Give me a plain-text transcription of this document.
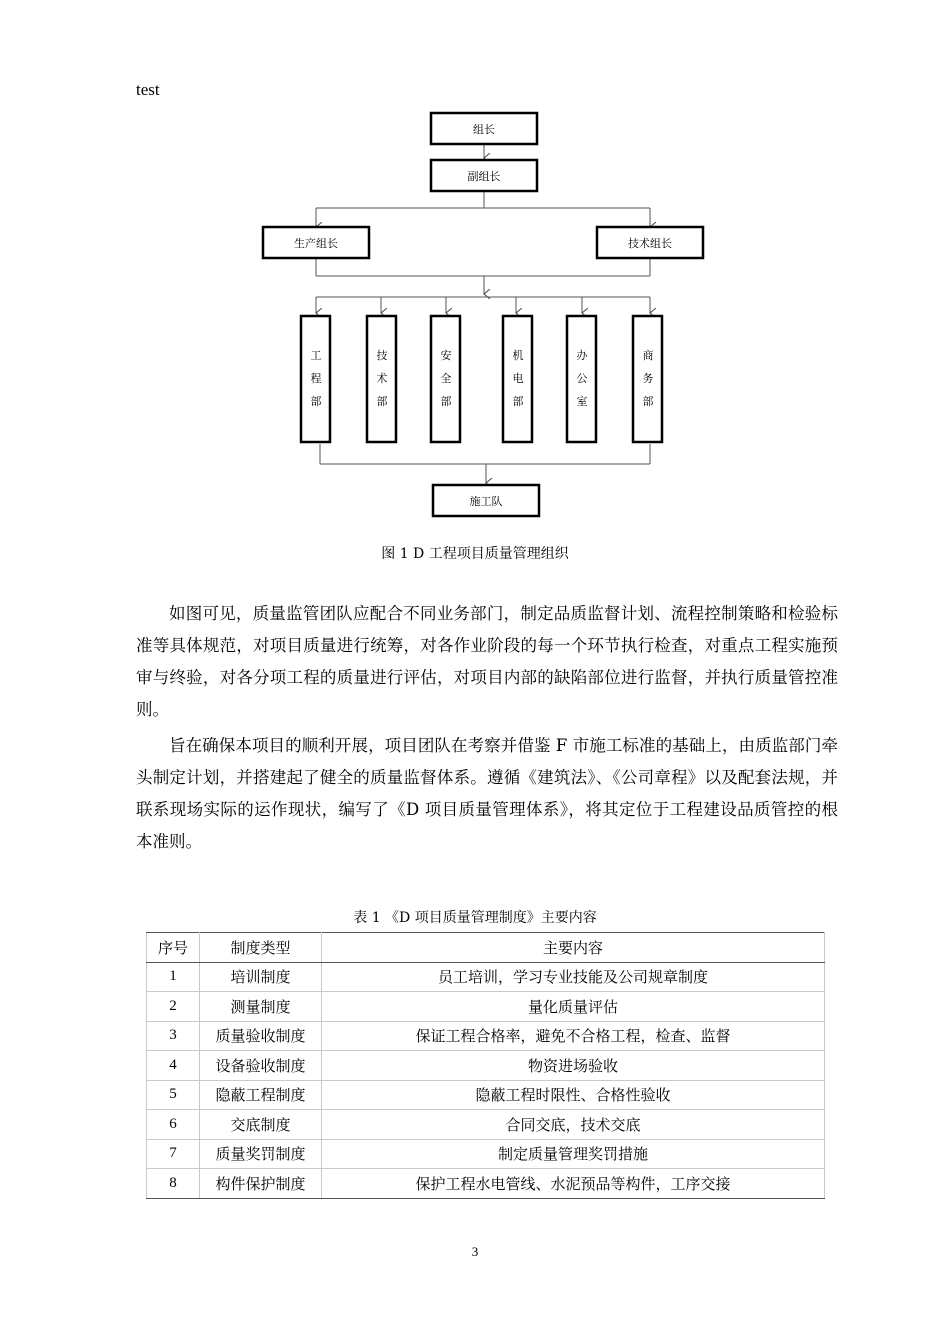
test
组长
副组长
生产组长	技术组长
工
程
部
技
术
部
安
全
部
机
电
部
办
公
室
商
务
部
施工队
图 1 D 工程项目质量管理组织

如图可见，质量监管团队应配合不同业务部门，制定品质监督计划、流程控制策略和检验标准等具体规范，对项目质量进行统筹，对各作业阶段的每一个环节执行检查，对重点工程实施预审与终验，对各分项工程的质量进行评估，对项目内部的缺陷部位进行监督，并执行质量管控准则。

旨在确保本项目的顺利开展，项目团队在考察并借鉴 F 市施工标准的基础上，由质监部门牵头制定计划，并搭建起了健全的质量监督体系。遵循《建筑法》、《公司章程》以及配套法规，并联系现场实际的运作现状，编写了《D 项目质量管理体系》，将其定位于工程建设品质管控的根本准则。

表 1 《D 项目质量管理制度》主要内容
序号	制度类型	主要内容
1	培训制度	员工培训，学习专业技能及公司规章制度
2	测量制度	量化质量评估
3	质量验收制度	保证工程合格率，避免不合格工程，检查、监督
4	设备验收制度	物资进场验收
5	隐蔽工程制度	隐蔽工程时限性、合格性验收
6	交底制度	合同交底，技术交底
7	质量奖罚制度	制定质量管理奖罚措施
8	构件保护制度	保护工程水电管线、水泥预品等构件，工序交接
3
